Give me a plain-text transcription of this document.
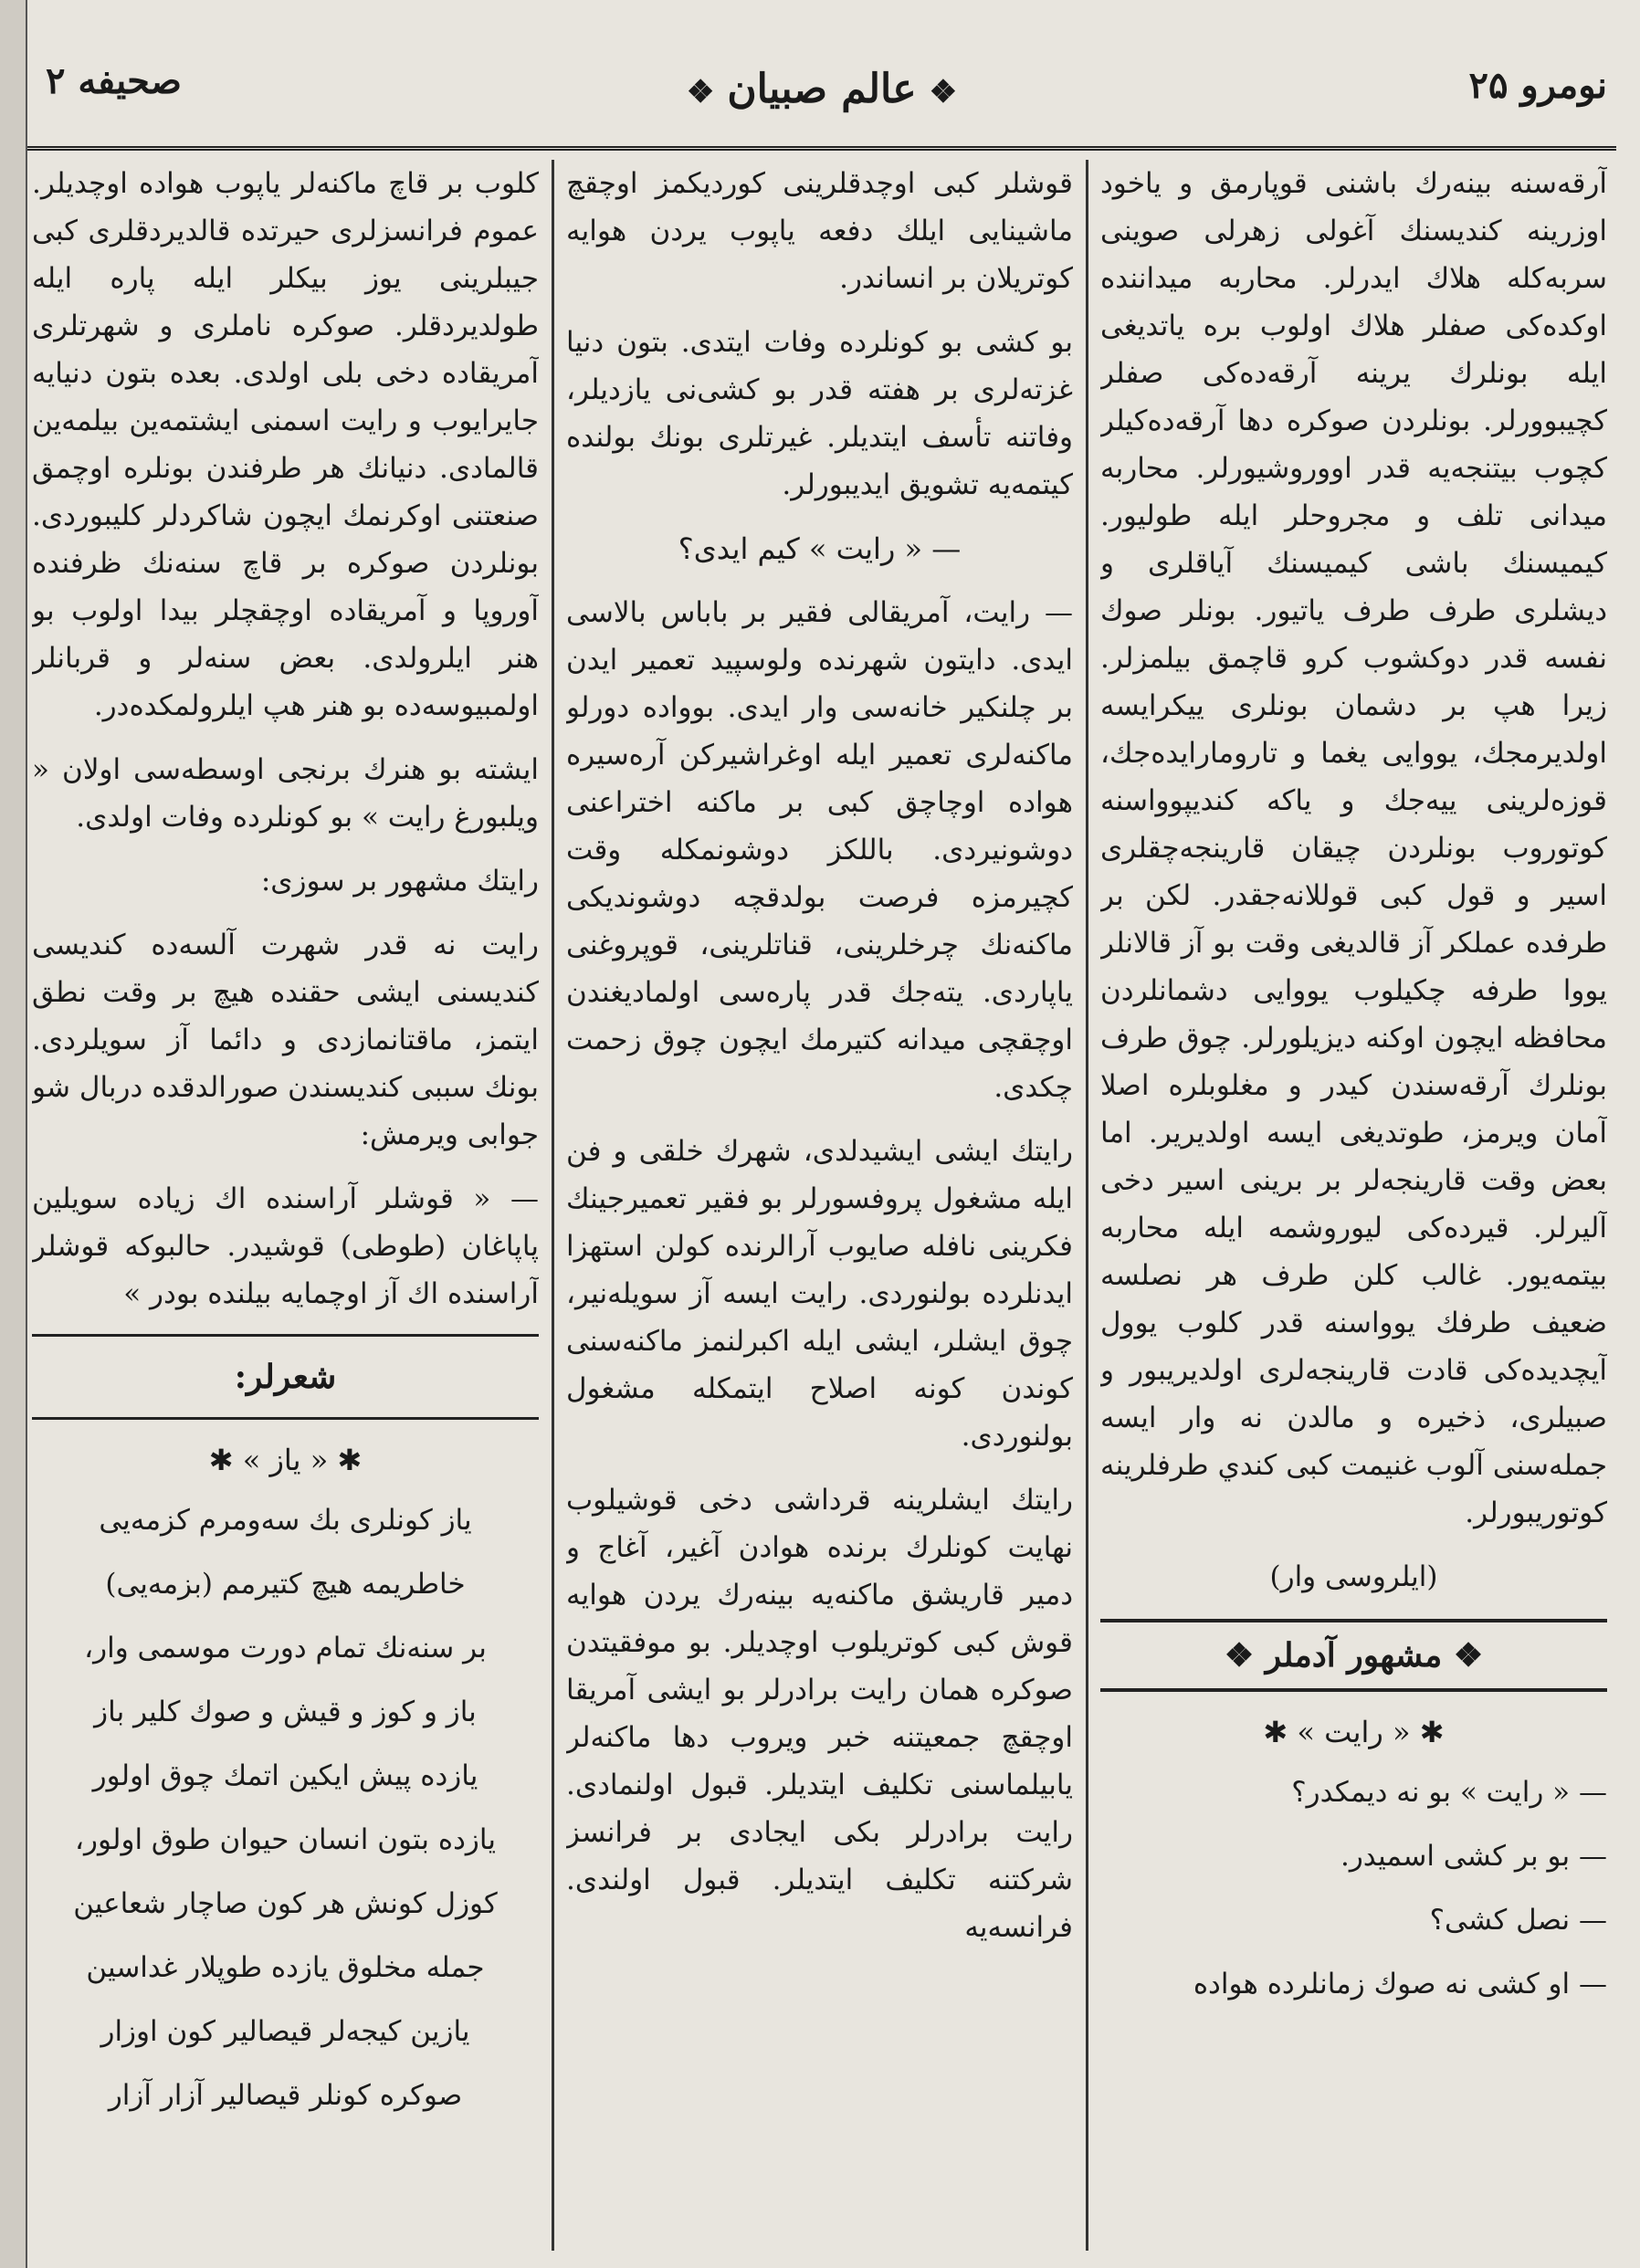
نومرو ۲۵
❖عالم صبيان❖
صحيفه ۲

آرقه‌سنه بينه‌رك باشنى قوپارمق و ياخود اوزرينه كنديسنك آغولى زهرلى صوينى سربه‌كله هلاك ايدرلر. محاربه ميداننده اوكده‌كى صفلر هلاك اولوب بره ياتديغى ايله بونلرك يرينه آرقه‌ده‌كى صفلر كچيبوورلر. بونلردن صوكره دها آرقه‌ده‌كيلر كچوب بيتنجه‌يه قدر اووروشيورلر. محاربه ميدانى تلف و مجروحلر ايله طوليور. كيميسنك باشى كيميسنك آياقلرى و ديشلرى طرف طرف ياتيور. بونلر صوك نفسه قدر دوكشوب كرو قاچمق بيلمزلر. زيرا هپ بر دشمان بونلرى ييكرايسه اولديرمجك، يووايى يغما و تارومارايده‌جك، قوزه‌لرينى ييه‌جك و ياكه كنديپوواسنه كوتوروب بونلردن چيقان قارينجه‌چقلرى اسير و قول كبى قوللانه‌جقدر. لكن بر طرفده عملكر آز قالديغى وقت بو آز قالانلر يووا طرفه چكيلوب يووايى دشمانلردن محافظه ايچون اوكنه ديزيلورلر. چوق طرف بونلرك آرقه‌سندن كيدر و مغلوبلره اصلا آمان ويرمز، طوتديغى ايسه اولديرير. اما بعض وقت قارينجه‌لر بر برينى اسير دخى آليرلر. قيرده‌كى ليوروشمه ايله محاربه بيتمه‌يور. غالب كلن طرف هر نصلسه ضعيف طرفك يوواسنه قدر كلوب يوول آيچديده‌كى قادت قارينجه‌لرى اولديريبور و صبيلرى، ذخيره و مالدن نه وار ايسه جمله‌سنى آلوب غنيمت كبى كندي طرفلرينه كوتوريبورلر.

(ايلروسى وار)

❖ مشهور آدملر ❖
✱ « رايت » ✱

— « رايت » بو نه ديمكدر؟

— بو بر كشى اسميدر.

— نصل كشى؟

— او كشى نه صوك زمانلرده هواده

قوشلر كبى اوچدقلرينى كورديكمز اوچقچ ماشينايى ايلك دفعه ياپوب يردن هوايه كوتريلان بر انساندر.

بو كشى بو كونلرده وفات ايتدى. بتون دنيا غزته‌لرى بر هفته قدر بو كشى‌نى يازديلر، وفاتنه تأسف ايتديلر. غيرتلرى بونك بولنده كيتمه‌يه تشويق ايديبورلر.

— « رايت » كيم ايدى؟

— رايت، آمريقالى فقير بر باباس بالاسى ايدى. دايتون شهرنده ولوسپيد تعمير ايدن بر چلنكير خانه‌سى وار ايدى. بوواده دورلو ماكنه‌لرى تعمير ايله اوغراشيركن آره‌سيره هواده اوچاچق كبى بر ماكنه اختراعنى دوشونيردى. باللكز دوشونمكله وقت كچيرمزه فرصت بولدقچه دوشونديكى ماكنه‌نك چرخلرينى، قناتلرينى، قوپروغنى ياپاردى. يته‌جك قدر پاره‌سى اولماديغندن اوچقچى ميدانه كتيرمك ايچون چوق زحمت چكدى.

رايتك ايشى ايشيدلدى، شهرك خلقى و فن ايله مشغول پروفسورلر بو فقير تعميرجينك فكرينى نافله صايوب آرالرنده كولن استهزا ايدنلرده بولنوردى. رايت ايسه آز سويله‌نير، چوق ايشلر، ايشى ايله اكبرلنمز ماكنه‌سنى كوندن كونه اصلاح ايتمكله مشغول بولنوردى.

رايتك ايشلرينه قرداشى دخى قوشيلوب نهايت كونلرك برنده هوادن آغير، آغاج و دمير قاريشق ماكنه‌يه بينه‌رك يردن هوايه قوش كبى كوتريلوب اوچديلر. بو موفقيتدن صوكره همان رايت برادرلر بو ايشى آمريقا اوچقچ جمعيتنه خبر ويروب دها ماكنه‌لر يابيلماسنى تكليف ايتديلر. قبول اولنمادى. رايت برادرلر بكى ايجادى بر فرانسز شركتنه تكليف ايتديلر. قبول اولندى. فرانسه‌يه

كلوب بر قاچ ماكنه‌لر ياپوب هواده اوچديلر. عموم فرانسزلرى حيرتده قالديردقلرى كبى جيبلرينى يوز بيكلر ايله پاره ايله طولديردقلر. صوكره ناملرى و شهرتلرى آمريقاده دخى بلى اولدى. بعده بتون دنيايه جايرايوب و رايت اسمنى ايشتمه‌ين بيلمه‌ين قالمادى. دنيانك هر طرفندن بونلره اوچمق صنعتنى اوكرنمك ايچون شاكردلر كليبوردى. بونلردن صوكره بر قاچ سنه‌نك ظرفنده آوروپا و آمريقاده اوچقچلر بيدا اولوب بو هنر ايلرولدى. بعض سنه‌لر و قربانلر اولمبيوسه‌ده بو هنر هپ ايلرولمكده‌در.

ايشته بو هنرك برنجى اوسطه‌سى اولان « ويلبورغ رايت » بو كونلرده وفات اولدى.

رايتك مشهور بر سوزى:

رايت نه قدر شهرت آلسه‌ده كنديسى كنديسنى ايشى حقنده هيچ بر وقت نطق ايتمز، ماقتانمازدى و دائما آز سويلردى. بونك سببى كنديسندن صورالدقده دربال شو جوابى ويرمش:

— « قوشلر آراسنده اك زياده سويلين پاپاغان (طوطى) قوشيدر. حالبوكه قوشلر آراسنده اك آز اوچمايه بيلنده بودر »

شعرلر:
✱ « ياز » ✱

ياز كونلرى بك سه‌ومرم كزمه‌يى

خاطريمه هيچ كتيرمم (بزمه‌يى)

بر سنه‌نك تمام دورت موسمى وار،

باز و كوز و قيش و صوك كلير باز

يازده پيش ايكين اتمك چوق اولور

يازده بتون انسان حيوان طوق اولور،

كوزل كونش هر كون صاچار شعاعين

جمله مخلوق يازده طوپلار غداسين

يازين كيجه‌لر قيصالير كون اوزار

صوكره كونلر قيصالير آزار آزار
